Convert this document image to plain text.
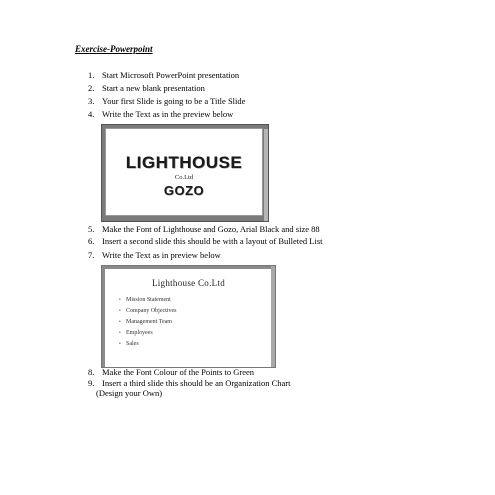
Exercise-Powerpoint
1. Start Microsoft PowerPoint presentation
2. Start a new blank presentation
3. Your first Slide is going to be a Title Slide
4. Write the Text as in the preview below
LIGHTHOUSE
Co.Ltd
GOZO
5. Make the Font of Lighthouse and Gozo, Arial Black and size 88
6. Insert a second slide this should be with a layout of Bulleted List
7. Write the Text as in preview below
Lighthouse Co.Ltd
• Mission Statement
• Company Objectives
• Management Team
• Employees
• Sales
8. Make the Font Colour of the Points to Green
9. Insert a third slide this should be an Organization Chart
(Design your Own)
